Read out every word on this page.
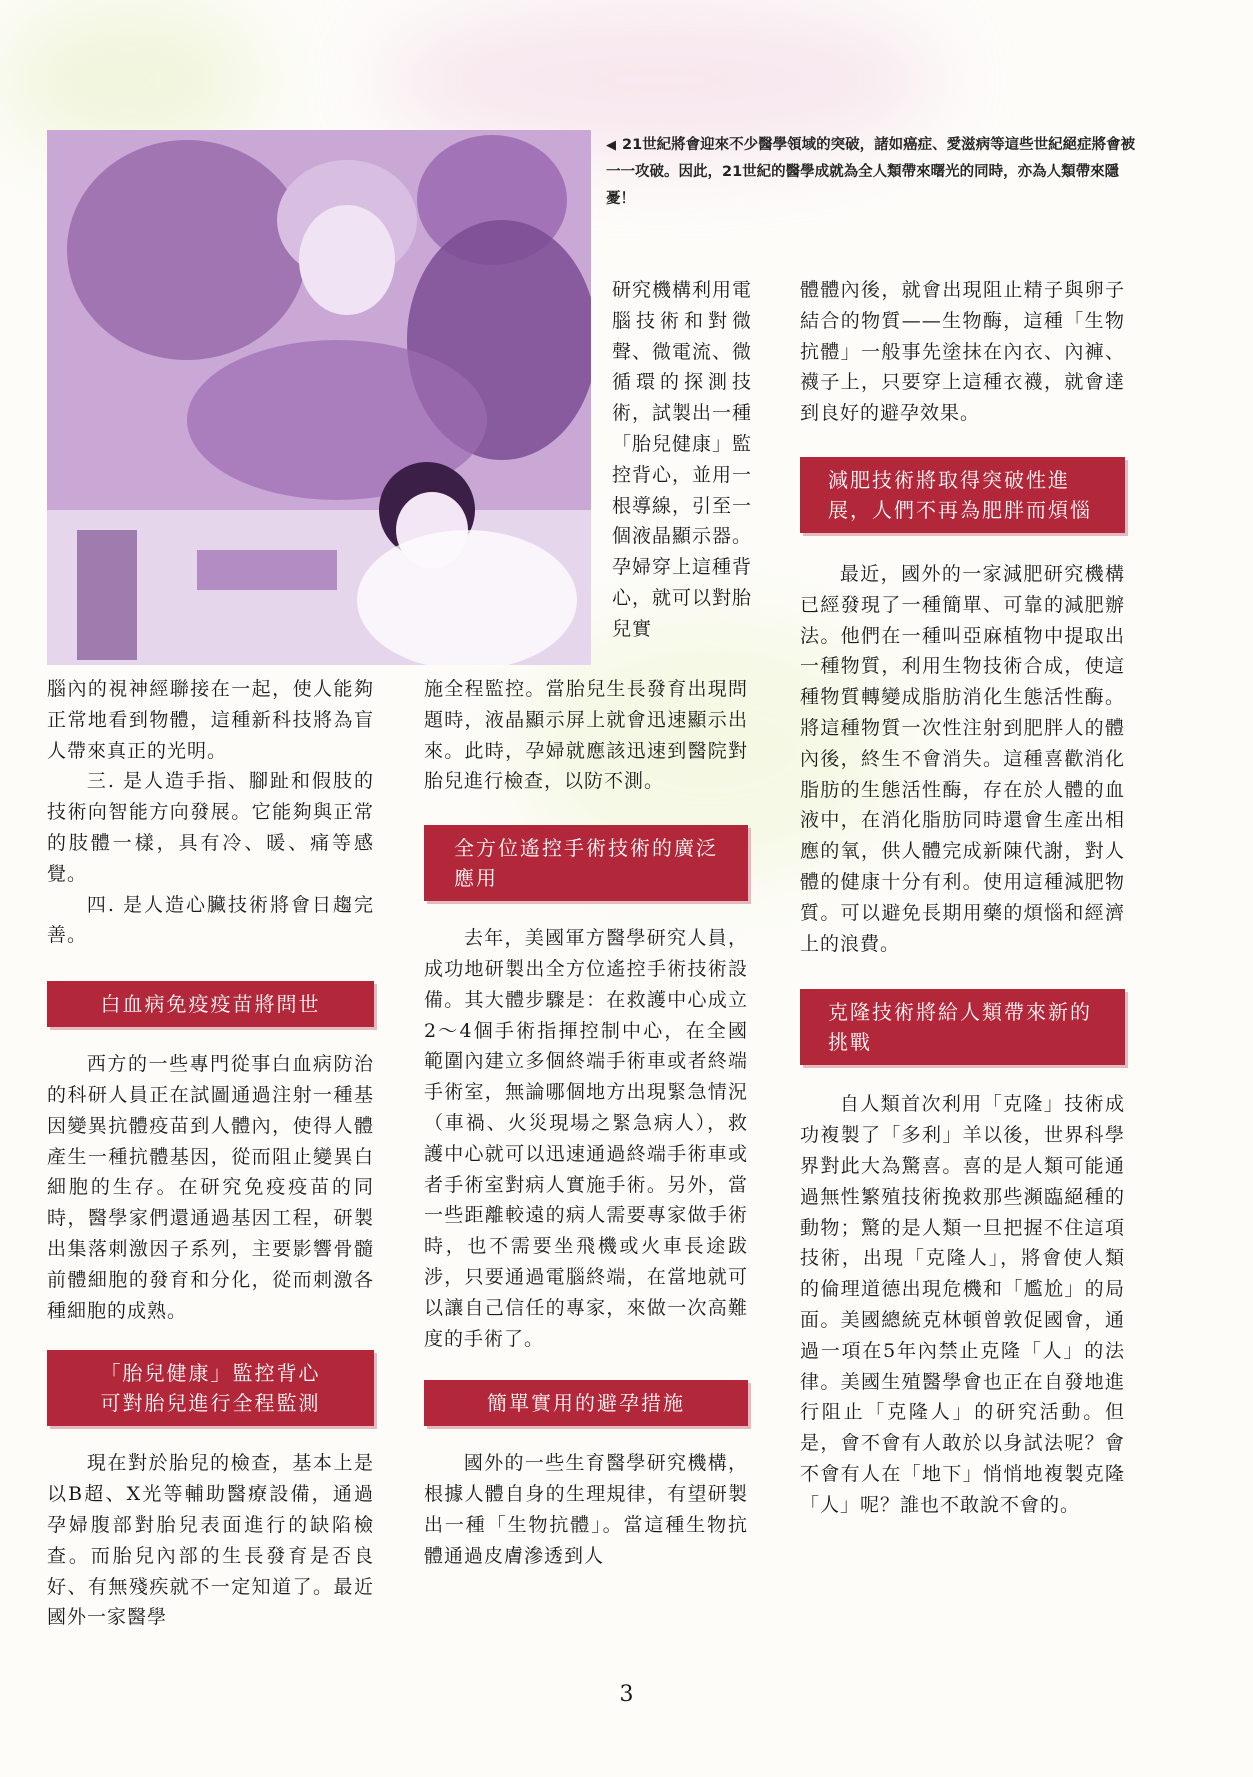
◀ 21世紀將會迎來不少醫學領域的突破，諸如癌症、愛滋病等這些世紀絕症將會被一一攻破。因此，21世紀的醫學成就為全人類帶來曙光的同時，亦為人類帶來隱憂！
研究機構利用電腦技術和對微聲、微電流、微循環的探測技術，試製出一種「胎兒健康」監控背心，並用一根導線，引至一個液晶顯示器。孕婦穿上這種背心，就可以對胎兒實

腦內的視神經聯接在一起，使人能夠正常地看到物體，這種新科技將為盲人帶來真正的光明。

三. 是人造手指、腳趾和假肢的技術向智能方向發展。它能夠與正常的肢體一樣，具有冷、暖、痛等感覺。

四. 是人造心臟技術將會日趨完善。

白血病免疫疫苗將問世

西方的一些專門從事白血病防治的科研人員正在試圖通過注射一種基因變異抗體疫苗到人體內，使得人體產生一種抗體基因，從而阻止變異白細胞的生存。在研究免疫疫苗的同時，醫學家們還通過基因工程，研製出集落刺激因子系列，主要影響骨髓前體細胞的發育和分化，從而刺激各種細胞的成熟。

「胎兒健康」監控背心
可對胎兒進行全程監測

現在對於胎兒的檢查，基本上是以B超、X光等輔助醫療設備，通過孕婦腹部對胎兒表面進行的缺陷檢查。而胎兒內部的生長發育是否良好、有無殘疾就不一定知道了。最近國外一家醫學

施全程監控。當胎兒生長發育出現問題時，液晶顯示屏上就會迅速顯示出來。此時，孕婦就應該迅速到醫院對胎兒進行檢查，以防不測。

全方位遙控手術技術的廣泛應用

去年，美國軍方醫學研究人員，成功地研製出全方位遙控手術技術設備。其大體步驟是：在救護中心成立2～4個手術指揮控制中心，在全國範圍內建立多個終端手術車或者終端手術室，無論哪個地方出現緊急情況（車禍、火災現場之緊急病人），救護中心就可以迅速通過終端手術車或者手術室對病人實施手術。另外，當一些距離較遠的病人需要專家做手術時，也不需要坐飛機或火車長途跋涉，只要通過電腦終端，在當地就可以讓自己信任的專家，來做一次高難度的手術了。

簡單實用的避孕措施

國外的一些生育醫學研究機構，根據人體自身的生理規律，有望研製出一種「生物抗體」。當這種生物抗體通過皮膚滲透到人

體體內後，就會出現阻止精子與卵子結合的物質——生物酶，這種「生物抗體」一般事先塗抹在內衣、內褲、襪子上，只要穿上這種衣襪，就會達到良好的避孕效果。

減肥技術將取得突破性進展，人們不再為肥胖而煩惱

最近，國外的一家減肥研究機構已經發現了一種簡單、可靠的減肥辦法。他們在一種叫亞麻植物中提取出一種物質，利用生物技術合成，使這種物質轉變成脂肪消化生態活性酶。將這種物質一次性注射到肥胖人的體內後，終生不會消失。這種喜歡消化脂肪的生態活性酶，存在於人體的血液中，在消化脂肪同時還會生產出相應的氧，供人體完成新陳代謝，對人體的健康十分有利。使用這種減肥物質。可以避免長期用藥的煩惱和經濟上的浪費。

克隆技術將給人類帶來新的挑戰

自人類首次利用「克隆」技術成功複製了「多利」羊以後，世界科學界對此大為驚喜。喜的是人類可能通過無性繁殖技術挽救那些瀕臨絕種的動物；驚的是人類一旦把握不住這項技術，出現「克隆人」，將會使人類的倫理道德出現危機和「尷尬」的局面。美國總統克林頓曾敦促國會，通過一項在5年內禁止克隆「人」的法律。美國生殖醫學會也正在自發地進行阻止「克隆人」的研究活動。但是，會不會有人敢於以身試法呢？會不會有人在「地下」悄悄地複製克隆「人」呢？誰也不敢說不會的。

3
